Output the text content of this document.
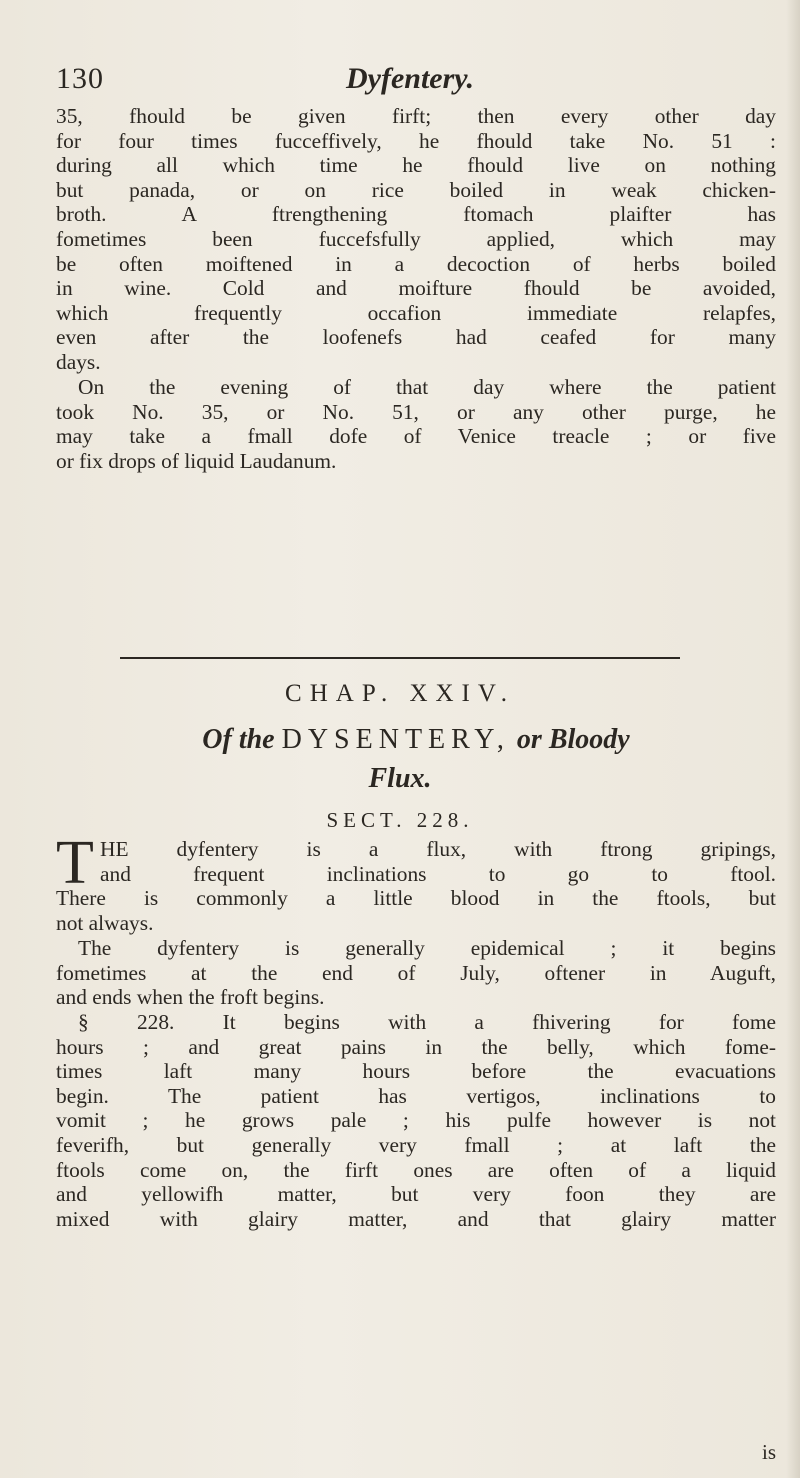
130	Dyfentery.
35, fhould be given firft; then every other day
for four times fucceffively, he fhould take No. 51 :
during all which time he fhould live on nothing
but panada, or on rice boiled in weak chicken-
broth. A ftrengthening ftomach plaifter has
fometimes been fuccefsfully applied, which may
be often moiftened in a decoction of herbs boiled
in wine. Cold and moifture fhould be avoided,
which frequently occafion immediate relapfes,
even after the loofenefs had ceafed for many
days.
On the evening of that day where the patient
took No. 35, or No. 51, or any other purge, he
may take a fmall dofe of Venice treacle ; or five
or fix drops of liquid Laudanum.
CHAP. XXIV.
Of the DYSENTERY, or Bloody
Flux.
SECT. 228.
T HE dyfentery is a flux, with ftrong gripings,
and frequent inclinations to go to ftool.
There is commonly a little blood in the ftools, but
not always.
The dyfentery is generally epidemical ; it begins
fometimes at the end of July, oftener in Auguft,
and ends when the froft begins.
§ 228. It begins with a fhivering for fome
hours ; and great pains in the belly, which fome-
times laft many hours before the evacuations
begin. The patient has vertigos, inclinations to
vomit ; he grows pale ; his pulfe however is not
feverifh, but generally very fmall ; at laft the
ftools come on, the firft ones are often of a liquid
and yellowifh matter, but very foon they are
mixed with glairy matter, and that glairy matter
is
